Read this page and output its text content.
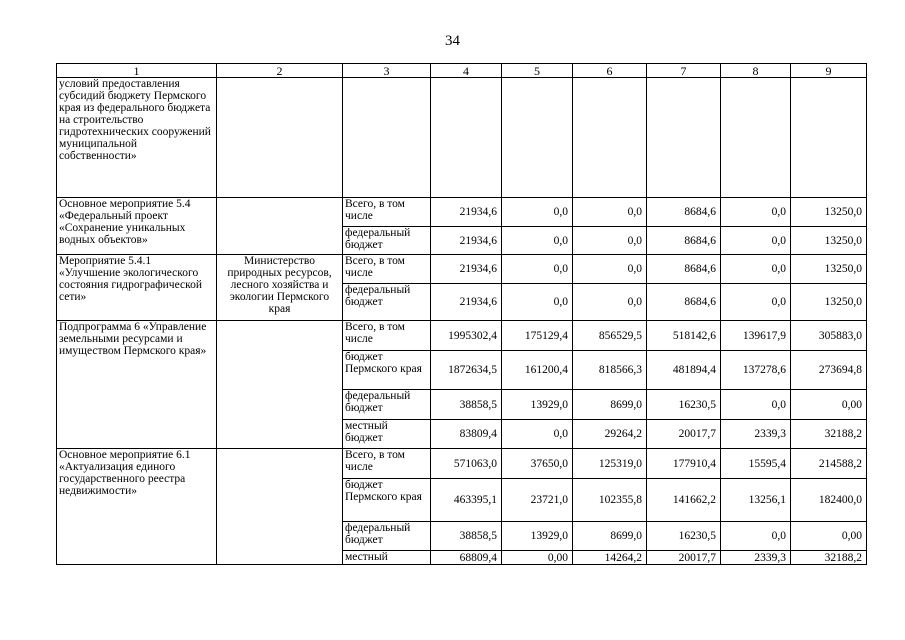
34
1	2	3	4	5	6	7	8	9
условий предоставления субсидий бюджету Пермского края из федерального бюджета на строительство гидротехнических сооружений муниципальной собственности»								
Основное мероприятие 5.4 «Федеральный проект «Сохранение уникальных водных объектов»		Всего, в том числе	21934,6	0,0	0,0	8684,6	0,0	13250,0
		федеральный бюджет	21934,6	0,0	0,0	8684,6	0,0	13250,0
Мероприятие 5.4.1 «Улучшение экологического состояния гидрографической сети»	Министерство природных ресурсов, лесного хозяйства и экологии Пермского края	Всего, в том числе	21934,6	0,0	0,0	8684,6	0,0	13250,0
		федеральный бюджет	21934,6	0,0	0,0	8684,6	0,0	13250,0
Подпрограмма 6 «Управление земельными ресурсами и имуществом Пермского края»		Всего, в том числе	1995302,4	175129,4	856529,5	518142,6	139617,9	305883,0
		бюджет Пермского края	1872634,5	161200,4	818566,3	481894,4	137278,6	273694,8
		федеральный бюджет	38858,5	13929,0	8699,0	16230,5	0,0	0,00
		местный бюджет	83809,4	0,0	29264,2	20017,7	2339,3	32188,2
Основное мероприятие 6.1 «Актуализация единого государственного реестра недвижимости»		Всего, в том числе	571063,0	37650,0	125319,0	177910,4	15595,4	214588,2
		бюджет Пермского края	463395,1	23721,0	102355,8	141662,2	13256,1	182400,0
		федеральный бюджет	38858,5	13929,0	8699,0	16230,5	0,0	0,00
		местный	68809,4	0,00	14264,2	20017,7	2339,3	32188,2
